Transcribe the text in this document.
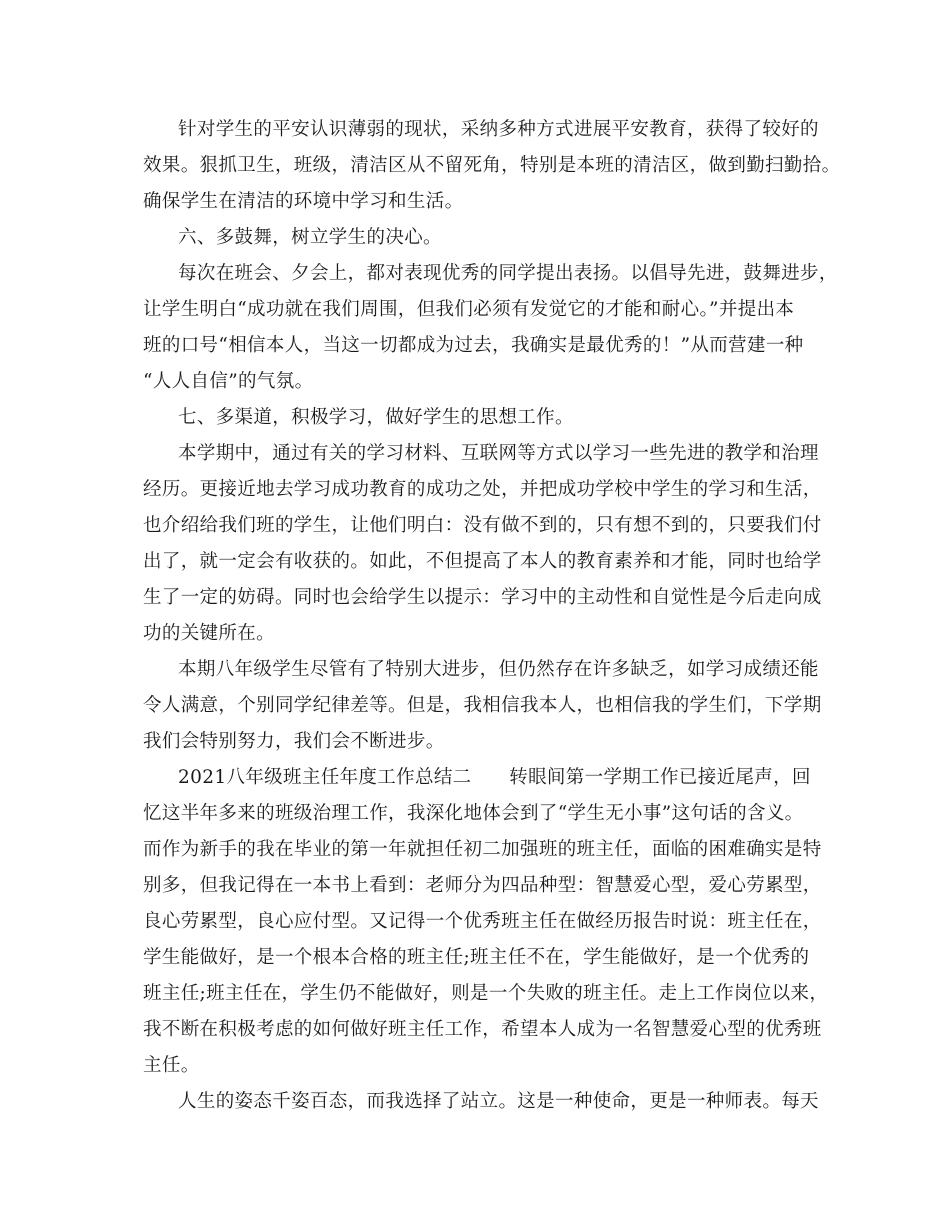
针对学生的平安认识薄弱的现状，采纳多种方式进展平安教育，获得了较好的
效果。狠抓卫生，班级，清洁区从不留死角，特别是本班的清洁区，做到勤扫勤拾。
确保学生在清洁的环境中学习和生活。
六、多鼓舞，树立学生的决心。
每次在班会、夕会上，都对表现优秀的同学提出表扬。以倡导先进，鼓舞进步，
让学生明白“成功就在我们周围，但我们必须有发觉它的才能和耐心。”并提出本
班的口号“相信本人，当这一切都成为过去，我确实是最优秀的！”从而营建一种
“人人自信”的气氛。
七、多渠道，积极学习，做好学生的思想工作。
本学期中，通过有关的学习材料、互联网等方式以学习一些先进的教学和治理
经历。更接近地去学习成功教育的成功之处，并把成功学校中学生的学习和生活，
也介绍给我们班的学生，让他们明白：没有做不到的，只有想不到的，只要我们付
出了，就一定会有收获的。如此，不但提高了本人的教育素养和才能，同时也给学
生了一定的妨碍。同时也会给学生以提示：学习中的主动性和自觉性是今后走向成
功的关键所在。
本期八年级学生尽管有了特别大进步，但仍然存在许多缺乏，如学习成绩还能
令人满意，个别同学纪律差等。但是，我相信我本人，也相信我的学生们，下学期
我们会特别努力，我们会不断进步。
2021八年级班主任年度工作总结二　　转眼间第一学期工作已接近尾声，回
忆这半年多来的班级治理工作，我深化地体会到了“学生无小事”这句话的含义。
而作为新手的我在毕业的第一年就担任初二加强班的班主任，面临的困难确实是特
别多，但我记得在一本书上看到：老师分为四品种型：智慧爱心型，爱心劳累型，
良心劳累型，良心应付型。又记得一个优秀班主任在做经历报告时说：班主任在，
学生能做好，是一个根本合格的班主任;班主任不在，学生能做好，是一个优秀的
班主任;班主任在，学生仍不能做好，则是一个失败的班主任。走上工作岗位以来，
我不断在积极考虑的如何做好班主任工作，希望本人成为一名智慧爱心型的优秀班
主任。
人生的姿态千姿百态，而我选择了站立。这是一种使命，更是一种师表。每天
